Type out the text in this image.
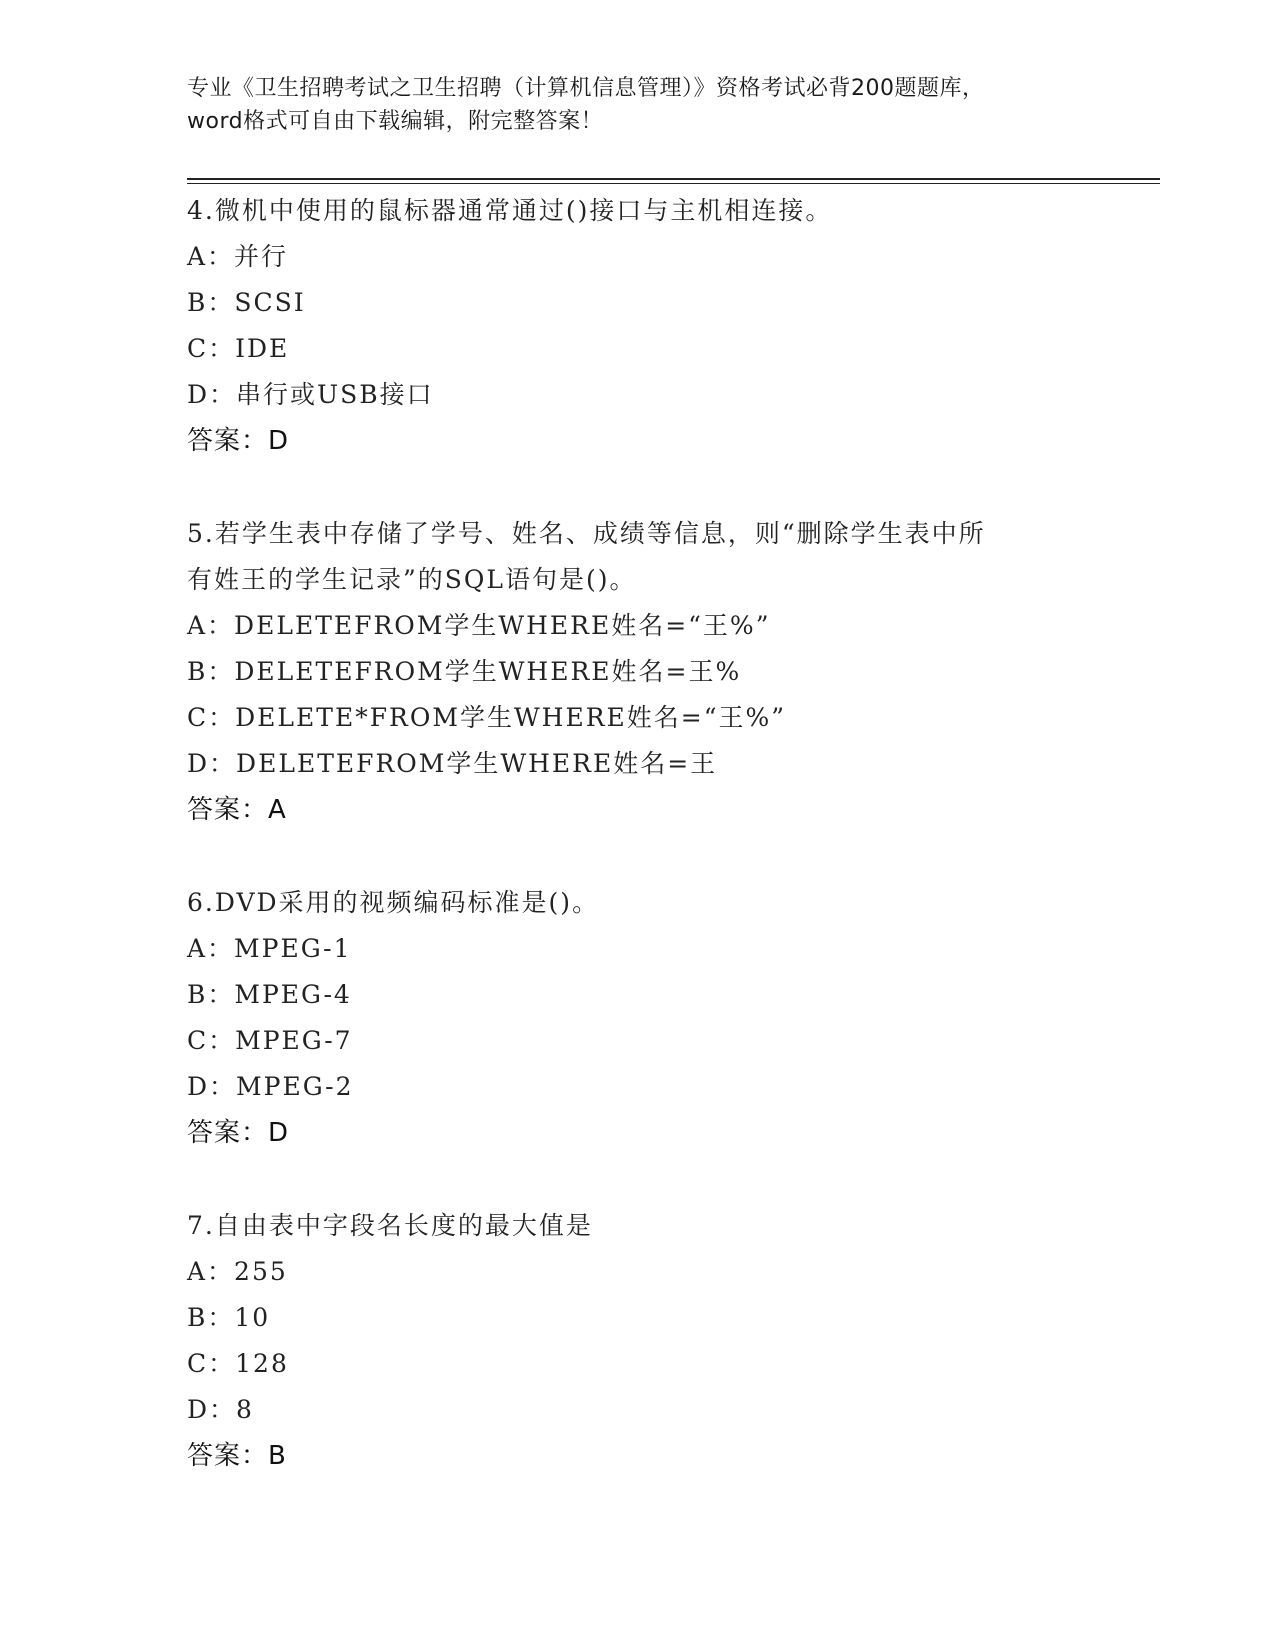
专业《卫生招聘考试之卫生招聘（计算机信息管理）》资格考试必背200题题库，
word格式可自由下载编辑，附完整答案！
4.微机中使用的鼠标器通常通过()接口与主机相连接。
A：并行
B：SCSI
C：IDE
D：串行或USB接口
答案：D
5.若学生表中存储了学号、姓名、成绩等信息，则“删除学生表中所
有姓王的学生记录”的SQL语句是()。
A：DELETEFROM学生WHERE姓名=“王%”
B：DELETEFROM学生WHERE姓名=王%
C：DELETE*FROM学生WHERE姓名=“王%”
D：DELETEFROM学生WHERE姓名=王
答案：A
6.DVD采用的视频编码标准是()。
A：MPEG-1
B：MPEG-4
C：MPEG-7
D：MPEG-2
答案：D
7.自由表中字段名长度的最大值是
A：255
B：10
C：128
D：8
答案：B
